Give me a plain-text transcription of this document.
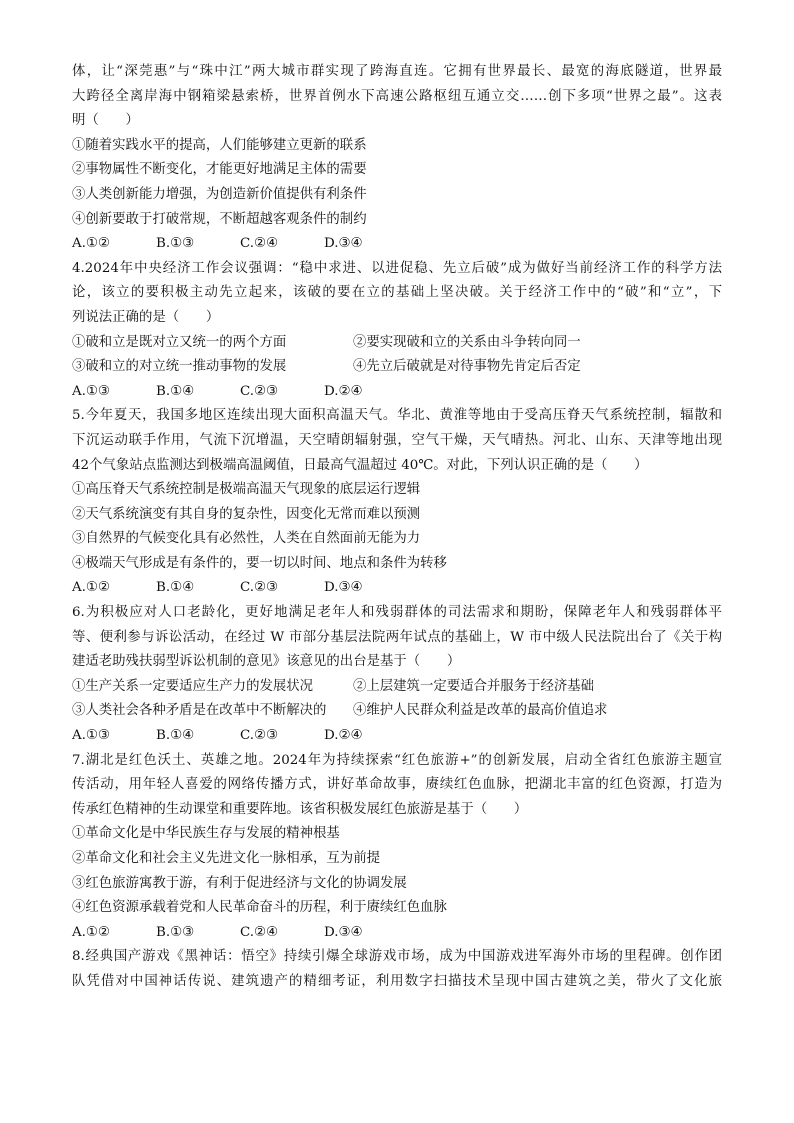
体，让“深莞惠”与“珠中江”两大城市群实现了跨海直连。它拥有世界最长、最宽的海底隧道，世界最
大跨径全离岸海中钢箱梁悬索桥，世界首例水下高速公路枢纽互通立交……创下多项“世界之最”。这表
明（　　）
①随着实践水平的提高，人们能够建立更新的联系
②事物属性不断变化，才能更好地满足主体的需要
③人类创新能力增强，为创造新价值提供有利条件
④创新要敢于打破常规，不断超越客观条件的制约
A.①②	B.①③	C.②④	D.③④
4.2024年中央经济工作会议强调：“稳中求进、以进促稳、先立后破”成为做好当前经济工作的科学方法
论，该立的要积极主动先立起来，该破的要在立的基础上坚决破。关于经济工作中的“破”和“立”，下
列说法正确的是（　　）
①破和立是既对立又统一的两个方面	②要实现破和立的关系由斗争转向同一
③破和立的对立统一推动事物的发展	④先立后破就是对待事物先肯定后否定
A.①③	B.①④	C.②③	D.②④
5.今年夏天，我国多地区连续出现大面积高温天气。华北、黄淮等地由于受高压脊天气系统控制，辐散和
下沉运动联手作用，气流下沉增温，天空晴朗辐射强，空气干燥，天气晴热。河北、山东、天津等地出现
42个气象站点监测达到极端高温阈值，日最高气温超过 40℃。对此，下列认识正确的是（　　）
①高压脊天气系统控制是极端高温天气现象的底层运行逻辑
②天气系统演变有其自身的复杂性，因变化无常而难以预测
③自然界的气候变化具有必然性，人类在自然面前无能为力
④极端天气形成是有条件的，要一切以时间、地点和条件为转移
A.①②	B.①④	C.②③	D.③④
6.为积极应对人口老龄化，更好地满足老年人和残弱群体的司法需求和期盼，保障老年人和残弱群体平
等、便利参与诉讼活动，在经过 W 市部分基层法院两年试点的基础上，W 市中级人民法院出台了《关于构
建适老助残扶弱型诉讼机制的意见》该意见的出台是基于（　　）
①生产关系一定要适应生产力的发展状况	②上层建筑一定要适合并服务于经济基础
③人类社会各种矛盾是在改革中不断解决的	④维护人民群众利益是改革的最高价值追求
A.①③	B.①④	C.②③	D.②④
7.湖北是红色沃土、英雄之地。2024年为持续探索“红色旅游+”的创新发展，启动全省红色旅游主题宣
传活动，用年轻人喜爱的网络传播方式，讲好革命故事，赓续红色血脉，把湖北丰富的红色资源，打造为
传承红色精神的生动课堂和重要阵地。该省积极发展红色旅游是基于（　　）
①革命文化是中华民族生存与发展的精神根基
②革命文化和社会主义先进文化一脉相承，互为前提
③红色旅游寓教于游，有利于促进经济与文化的协调发展
④红色资源承载着党和人民革命奋斗的历程，利于赓续红色血脉
A.①②	B.①③	C.②④	D.③④
8.经典国产游戏《黑神话：悟空》持续引爆全球游戏市场，成为中国游戏进军海外市场的里程碑。创作团
队凭借对中国神话传说、建筑遗产的精细考证，利用数字扫描技术呈现中国古建筑之美，带火了文化旅
